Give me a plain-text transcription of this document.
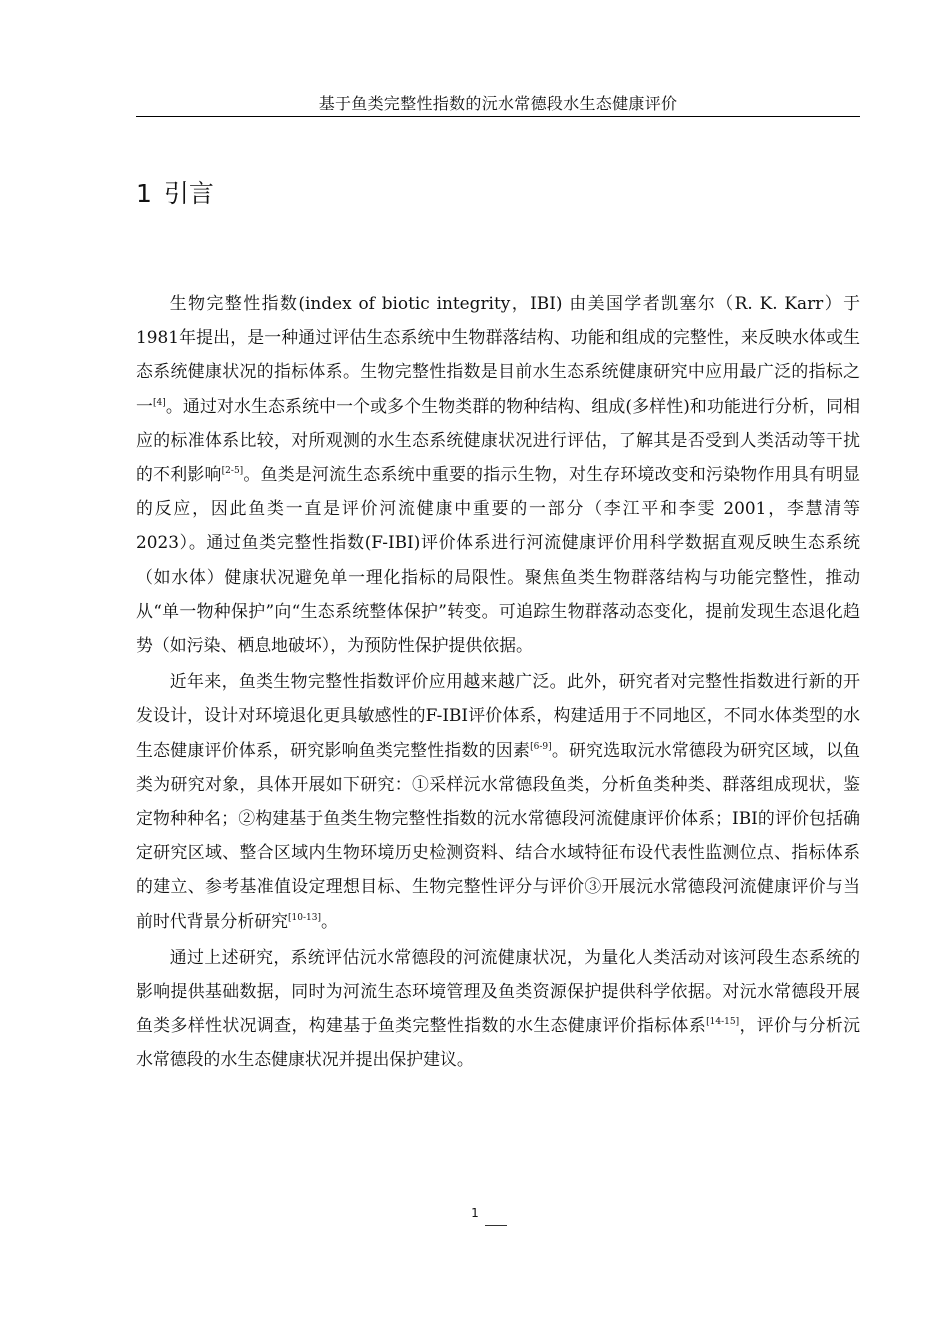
基于鱼类完整性指数的沅水常德段水生态健康评价
1 引言

生物完整性指数(index of biotic integrity，IBI) 由美国学者凯塞尔（R. K. Karr）于1981年提出，是一种通过评估生态系统中生物群落结构、功能和组成的完整性，来反映水体或生态系统健康状况的指标体系。生物完整性指数是目前水生态系统健康研究中应用最广泛的指标之一[4]。通过对水生态系统中一个或多个生物类群的物种结构、组成(多样性)和功能进行分析，同相应的标准体系比较，对所观测的水生态系统健康状况进行评估，了解其是否受到人类活动等干扰的不利影响[2-5]。鱼类是河流生态系统中重要的指示生物，对生存环境改变和污染物作用具有明显的反应，因此鱼类一直是评价河流健康中重要的一部分（李江平和李雯 2001，李慧清等 2023）。通过鱼类完整性指数(F-IBI)评价体系进行河流健康评价用科学数据直观反映生态系统（如水体）健康状况避免单一理化指标的局限性。聚焦鱼类生物群落结构与功能完整性，推动从“单一物种保护”向“生态系统整体保护”转变。可追踪生物群落动态变化，提前发现生态退化趋势（如污染、栖息地破坏），为预防性保护提供依据。

近年来，鱼类生物完整性指数评价应用越来越广泛。此外，研究者对完整性指数进行新的开发设计，设计对环境退化更具敏感性的F-IBI评价体系，构建适用于不同地区，不同水体类型的水生态健康评价体系，研究影响鱼类完整性指数的因素[6-9]。研究选取沅水常德段为研究区域，以鱼类为研究对象，具体开展如下研究：①采样沅水常德段鱼类，分析鱼类种类、群落组成现状，鉴定物种种名；②构建基于鱼类生物完整性指数的沅水常德段河流健康评价体系；IBI的评价包括确定研究区域、整合区域内生物环境历史检测资料、结合水域特征布设代表性监测位点、指标体系的建立、参考基准值设定理想目标、生物完整性评分与评价③开展沅水常德段河流健康评价与当前时代背景分析研究[10-13]。

通过上述研究，系统评估沅水常德段的河流健康状况，为量化人类活动对该河段生态系统的影响提供基础数据，同时为河流生态环境管理及鱼类资源保护提供科学依据。对沅水常德段开展鱼类多样性状况调查，构建基于鱼类完整性指数的水生态健康评价指标体系[14-15]，评价与分析沅水常德段的水生态健康状况并提出保护建议。

1
